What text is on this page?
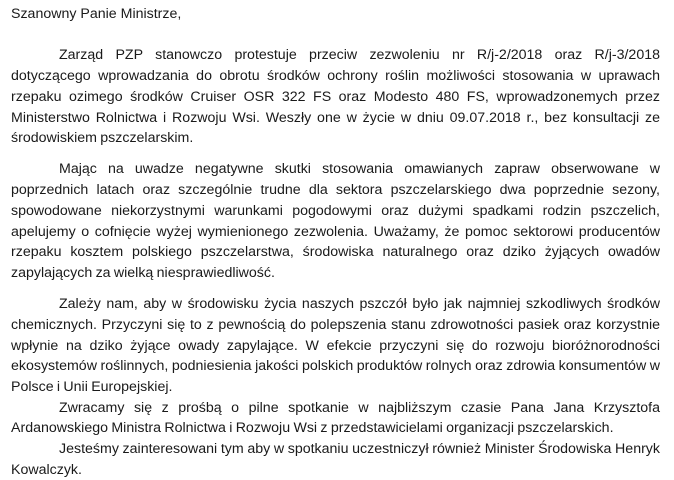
Szanowny Panie Ministrze,

Zarząd PZP stanowczo protestuje przeciw zezwoleniu nr R/j-2/2018 oraz R/j-3/2018 dotyczącego wprowadzania do obrotu środków ochrony roślin możliwości stosowania w uprawach rzepaku ozimego środków Cruiser OSR 322 FS oraz Modesto 480 FS, wprowadzonemych przez Ministerstwo Rolnictwa i Rozwoju Wsi. Weszły one w życie w dniu 09.07.2018 r., bez konsultacji ze środowiskiem pszczelarskim.

Mając na uwadze negatywne skutki stosowania omawianych zapraw obserwowane w poprzednich latach oraz szczególnie trudne dla sektora pszczelarskiego dwa poprzednie sezony, spowodowane niekorzystnymi warunkami pogodowymi oraz dużymi spadkami rodzin pszczelich, apelujemy o cofnięcie wyżej wymienionego zezwolenia. Uważamy, że pomoc sektorowi producentów rzepaku kosztem polskiego pszczelarstwa, środowiska naturalnego oraz dziko żyjących owadów zapylających za wielką niesprawiedliwość.

Zależy nam, aby w środowisku życia naszych pszczół było jak najmniej szkodliwych środków chemicznych. Przyczyni się to z pewnością do polepszenia stanu zdrowotności pasiek oraz korzystnie wpłynie na dziko żyjące owady zapylające. W efekcie przyczyni się do rozwoju bioróżnorodności ekosystemów roślinnych, podniesienia jakości polskich produktów rolnych oraz zdrowia konsumentów w Polsce i Unii Europejskiej.

Zwracamy się z prośbą o pilne spotkanie w najbliższym czasie Pana Jana Krzysztofa Ardanowskiego Ministra Rolnictwa i Rozwoju Wsi z przedstawicielami organizacji pszczelarskich.

Jesteśmy zainteresowani tym aby w spotkaniu uczestniczył również Minister Środowiska Henryk Kowalczyk.
